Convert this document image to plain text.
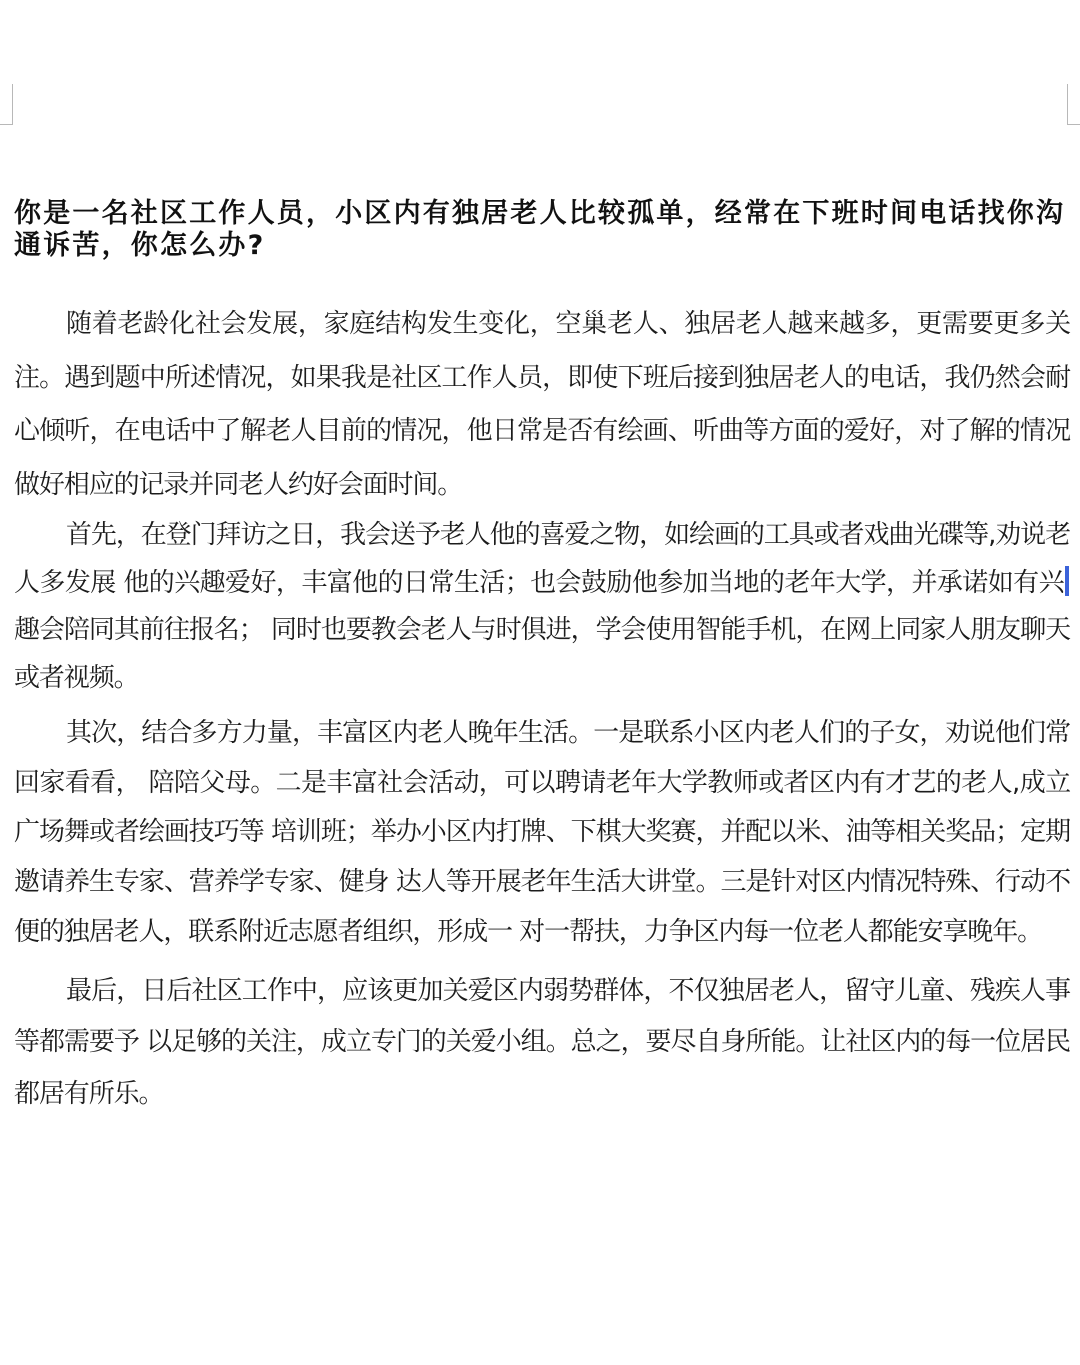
你是一名社区工作人员，小区内有独居老人比较孤单，经常在下班时间电话找你沟通诉苦，你怎么办?

随着老龄化社会发展，家庭结构发生变化，空巢老人、独居老人越来越多，更需要更多关注。遇到题中所述情况，如果我是社区工作人员，即使下班后接到独居老人的电话，我仍然会耐心倾听，在电话中了解老人目前的情况，他日常是否有绘画、听曲等方面的爱好，对了解的情况做好相应的记录并同老人约好会面时间。

首先，在登门拜访之日，我会送予老人他的喜爱之物，如绘画的工具或者戏曲光碟等,劝说老人多发展 他的兴趣爱好，丰富他的日常生活；也会鼓励他参加当地的老年大学，并承诺如有兴趣会陪同其前往报名； 同时也要教会老人与时俱进，学会使用智能手机，在网上同家人朋友聊天或者视频。

其次，结合多方力量，丰富区内老人晚年生活。一是联系小区内老人们的子女，劝说他们常回家看看， 陪陪父母。二是丰富社会活动，可以聘请老年大学教师或者区内有才艺的老人,成立广场舞或者绘画技巧等 培训班；举办小区内打牌、下棋大奖赛，并配以米、油等相关奖品；定期邀请养生专家、营养学专家、健身 达人等开展老年生活大讲堂。三是针对区内情况特殊、行动不便的独居老人，联系附近志愿者组织，形成一 对一帮扶，力争区内每一位老人都能安享晚年。

最后，日后社区工作中，应该更加关爱区内弱势群体，不仅独居老人，留守儿童、残疾人事等都需要予 以足够的关注，成立专门的关爱小组。总之，要尽自身所能。让社区内的每一位居民都居有所乐。
